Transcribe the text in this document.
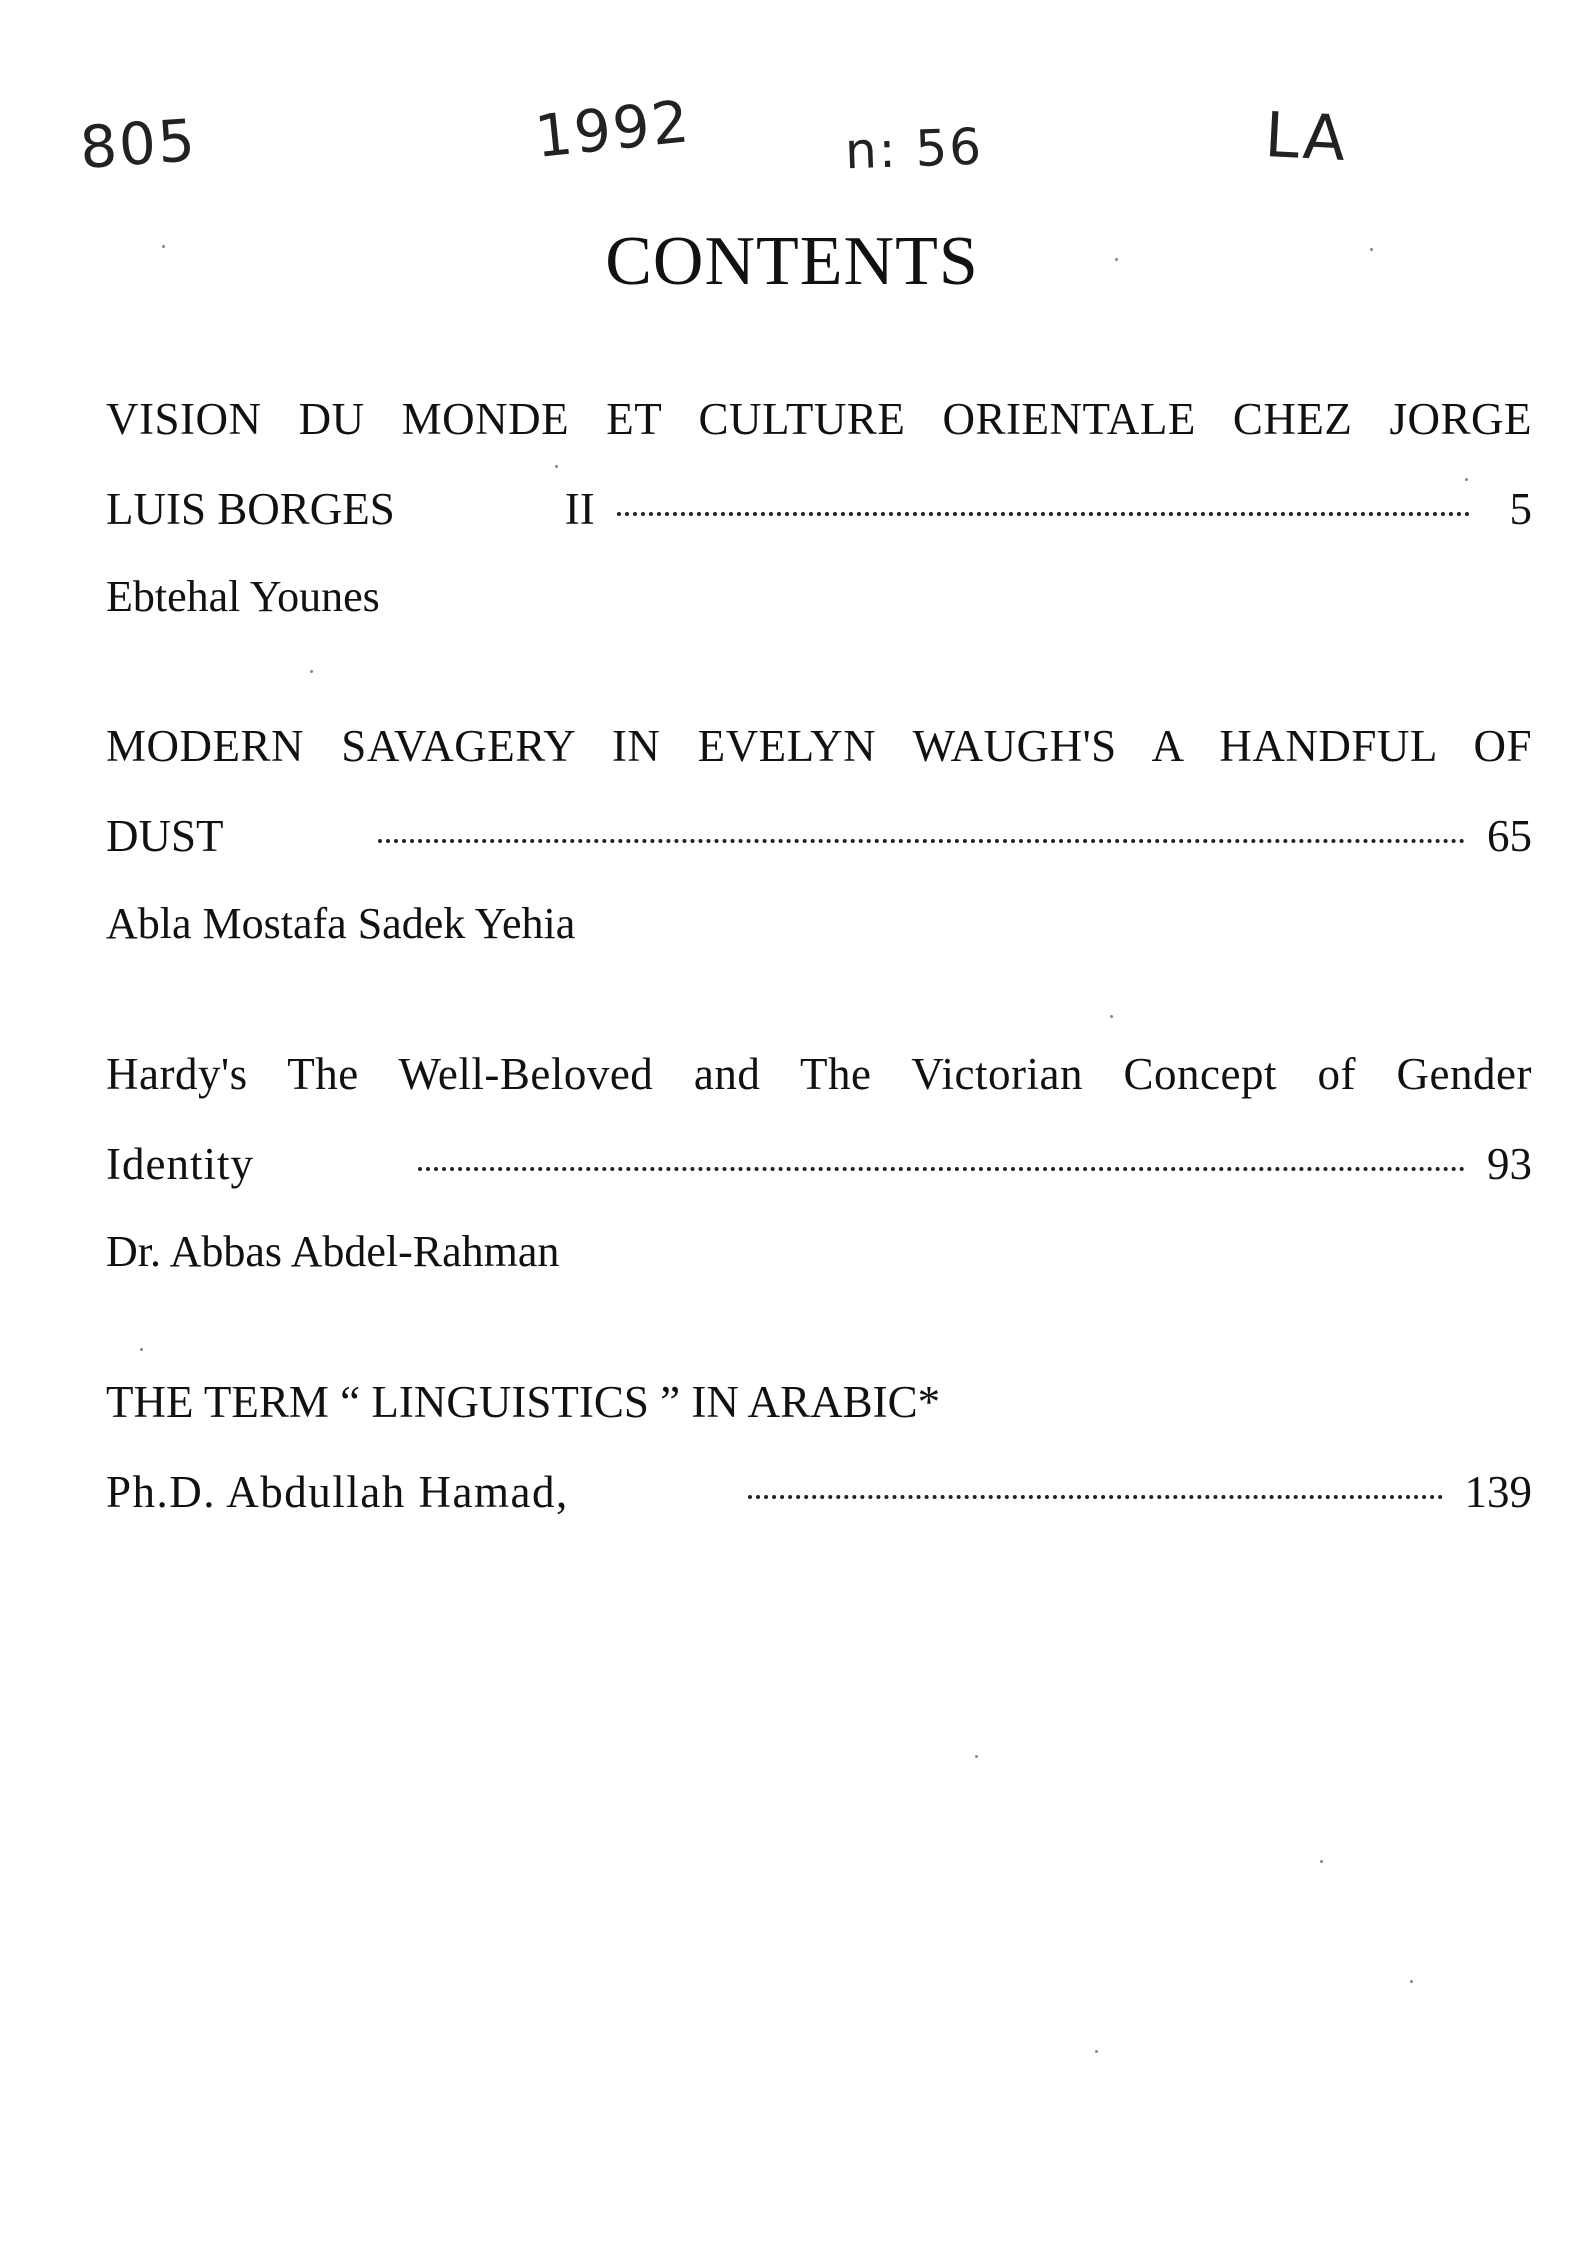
805	1992	n: 56	LA
CONTENTS
VISION DU MONDE ET CULTURE ORIENTALE CHEZ JORGE
LUIS BORGES	II	5
Ebtehal Younes
MODERN SAVAGERY IN EVELYN WAUGH'S A HANDFUL OF
DUST	65
Abla Mostafa Sadek Yehia
Hardy's The Well-Beloved and The Victorian Concept of Gender
Identity	93
Dr. Abbas Abdel-Rahman
THE TERM “ LINGUISTICS ” IN ARABIC*
Ph.D. Abdullah Hamad,	139
